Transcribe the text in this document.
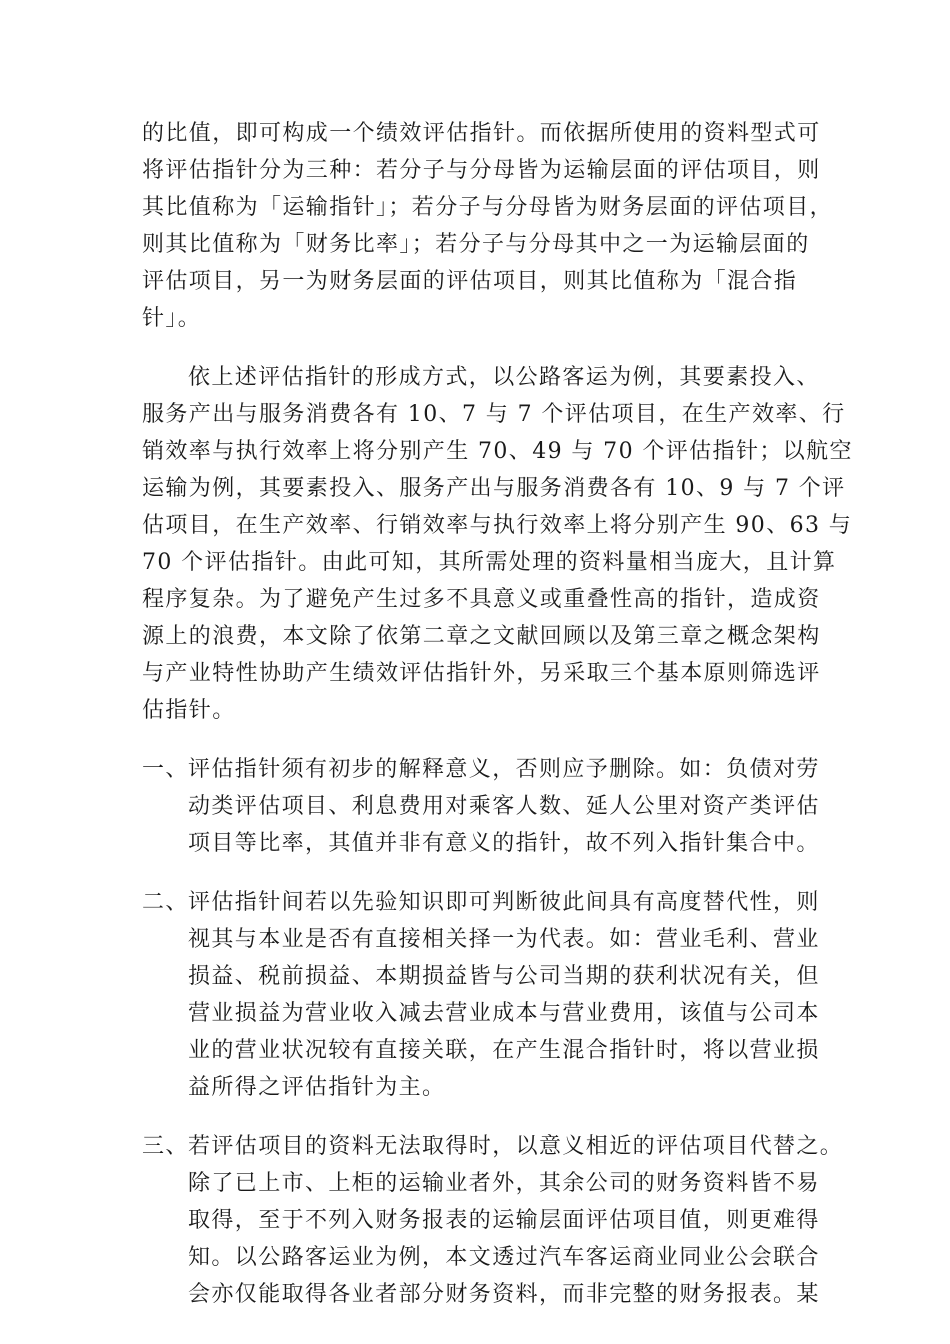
的比值，即可构成一个绩效评估指针。而依据所使用的资料型式可
将评估指针分为三种：若分子与分母皆为运输层面的评估项目，则
其比值称为「运输指针」；若分子与分母皆为财务层面的评估项目，
则其比值称为「财务比率」；若分子与分母其中之一为运输层面的
评估项目，另一为财务层面的评估项目，则其比值称为「混合指
针」。
依上述评估指针的形成方式，以公路客运为例，其要素投入、
服务产出与服务消费各有 10、7 与 7 个评估项目，在生产效率、行
销效率与执行效率上将分别产生 70、49 与 70 个评估指针；以航空
运输为例，其要素投入、服务产出与服务消费各有 10、9 与 7 个评
估项目，在生产效率、行销效率与执行效率上将分别产生 90、63 与
70 个评估指针。由此可知，其所需处理的资料量相当庞大，且计算
程序复杂。为了避免产生过多不具意义或重叠性高的指针，造成资
源上的浪费，本文除了依第二章之文献回顾以及第三章之概念架构
与产业特性协助产生绩效评估指针外，另采取三个基本原则筛选评
估指针。
一、 评估指针须有初步的解释意义，否则应予删除。如：负债对劳
动类评估项目、利息费用对乘客人数、延人公里对资产类评估
项目等比率，其值并非有意义的指针，故不列入指针集合中。
二、 评估指针间若以先验知识即可判断彼此间具有高度替代性，则
视其与本业是否有直接相关择一为代表。如：营业毛利、营业
损益、税前损益、本期损益皆与公司当期的获利状况有关，但
营业损益为营业收入减去营业成本与营业费用，该值与公司本
业的营业状况较有直接关联，在产生混合指针时，将以营业损
益所得之评估指针为主。
三、 若评估项目的资料无法取得时，以意义相近的评估项目代替之。
除了已上市、上柜的运输业者外，其余公司的财务资料皆不易
取得，至于不列入财务报表的运输层面评估项目值，则更难得
知。以公路客运业为例，本文透过汽车客运商业同业公会联合
会亦仅能取得各业者部分财务资料，而非完整的财务报表。某
